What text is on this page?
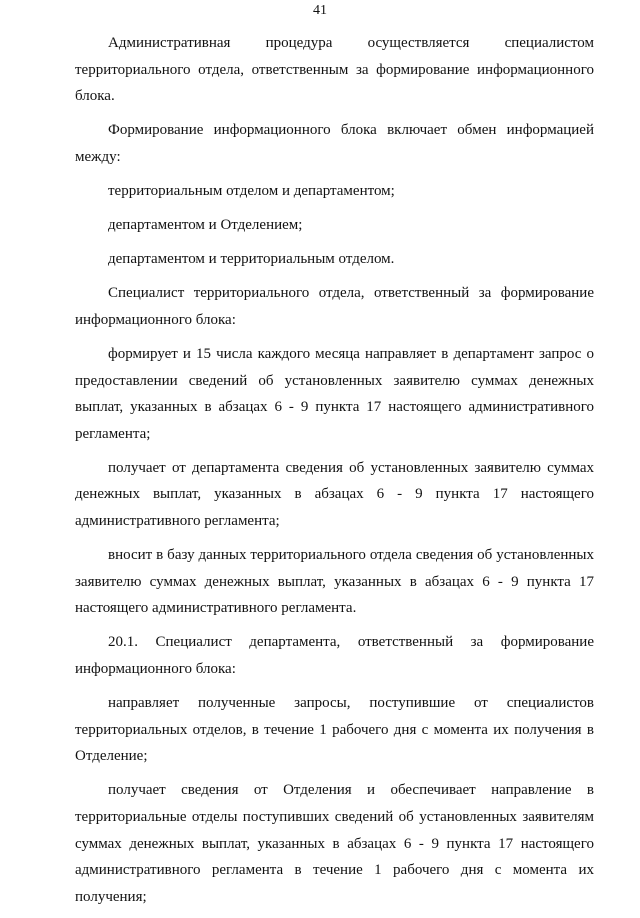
41

Административная процедура осуществляется специалистом территориального отдела, ответственным за формирование информационного блока.

Формирование информационного блока включает обмен информацией между:

территориальным отделом и департаментом;

департаментом и Отделением;

департаментом и территориальным отделом.

Специалист территориального отдела, ответственный за формирование информационного блока:

формирует и 15 числа каждого месяца направляет в департамент запрос о предоставлении сведений об установленных заявителю суммах денежных выплат, указанных в абзацах 6 - 9 пункта 17 настоящего административного регламента;

получает от департамента сведения об установленных заявителю суммах денежных выплат, указанных в абзацах 6 - 9 пункта 17 настоящего административного регламента;

вносит в базу данных территориального отдела сведения об установленных заявителю суммах денежных выплат, указанных в абзацах 6 - 9 пункта 17 настоящего административного регламента.

20.1. Специалист департамента, ответственный за формирование информационного блока:

направляет полученные запросы, поступившие от специалистов территориальных отделов, в течение 1 рабочего дня с момента их получения в Отделение;

получает сведения от Отделения и обеспечивает направление в территориальные отделы поступивших сведений об установленных заявителям суммах денежных выплат, указанных в абзацах 6 - 9 пункта 17 настоящего административного регламента в течение 1 рабочего дня с момента их получения;
